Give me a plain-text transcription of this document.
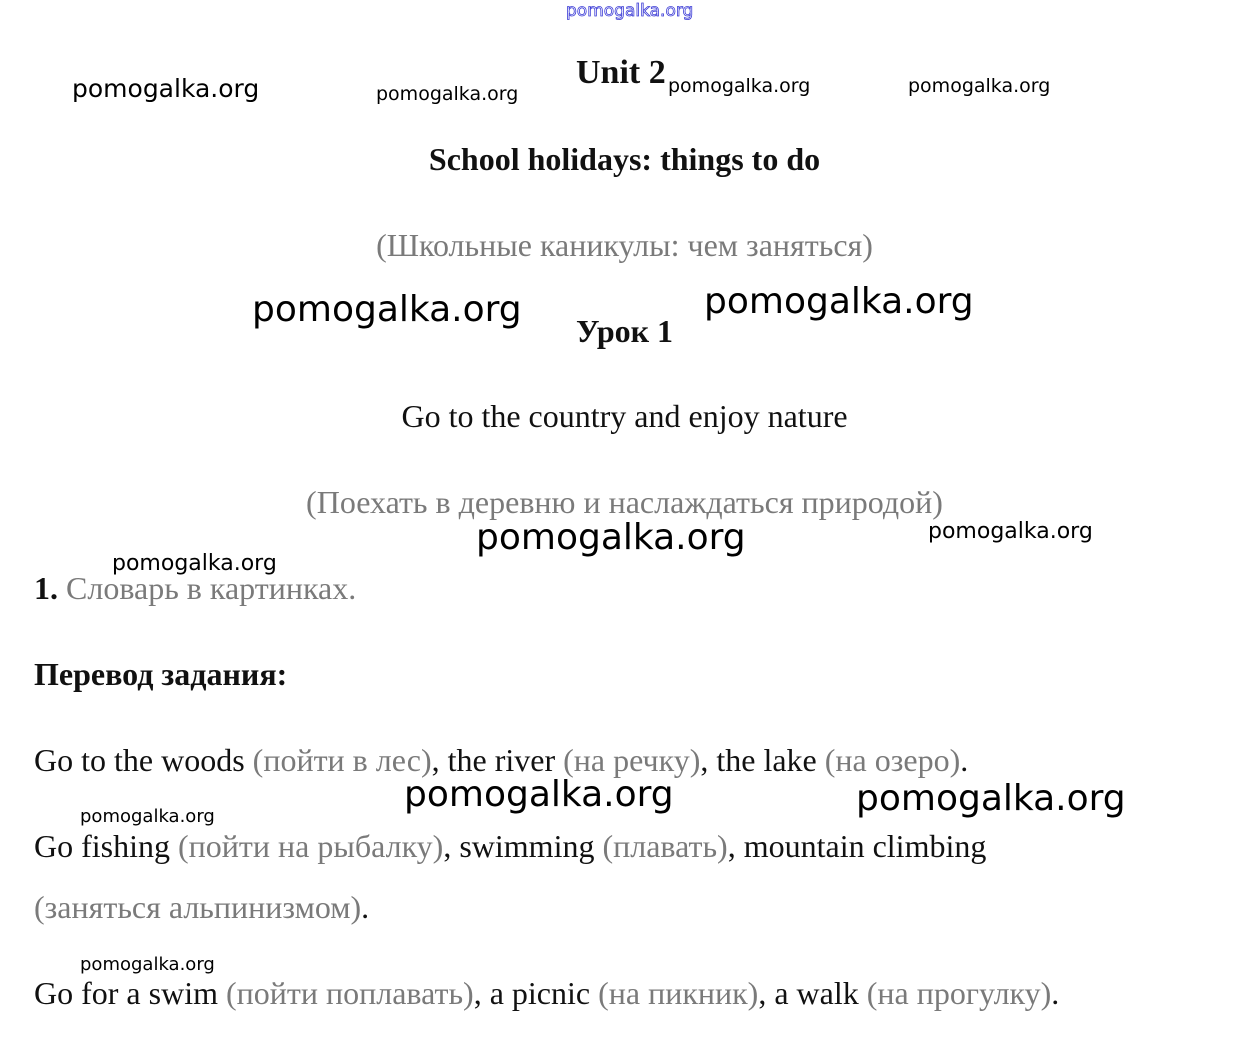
pomogalka.org
pomogalka.org	pomogalka.org	pomogalka.org	pomogalka.org
pomogalka.org	pomogalka.org
pomogalka.org	pomogalka.org
pomogalka.org
pomogalka.org	pomogalka.org
pomogalka.org
pomogalka.org
Unit 2
School holidays: things to do
(Школьные каникулы: чем заняться)
Урок 1
Go to the country and enjoy nature
(Поехать в деревню и наслаждаться природой)
1. Словарь в картинках.
Перевод задания:
Go to the woods (пойти в лес), the river (на речку), the lake (на озеро).
Go fishing (пойти на рыбалку), swimming (плавать), mountain climbing
(заняться альпинизмом).
Go for a swim (пойти поплавать), a picnic (на пикник), a walk (на прогулку).
